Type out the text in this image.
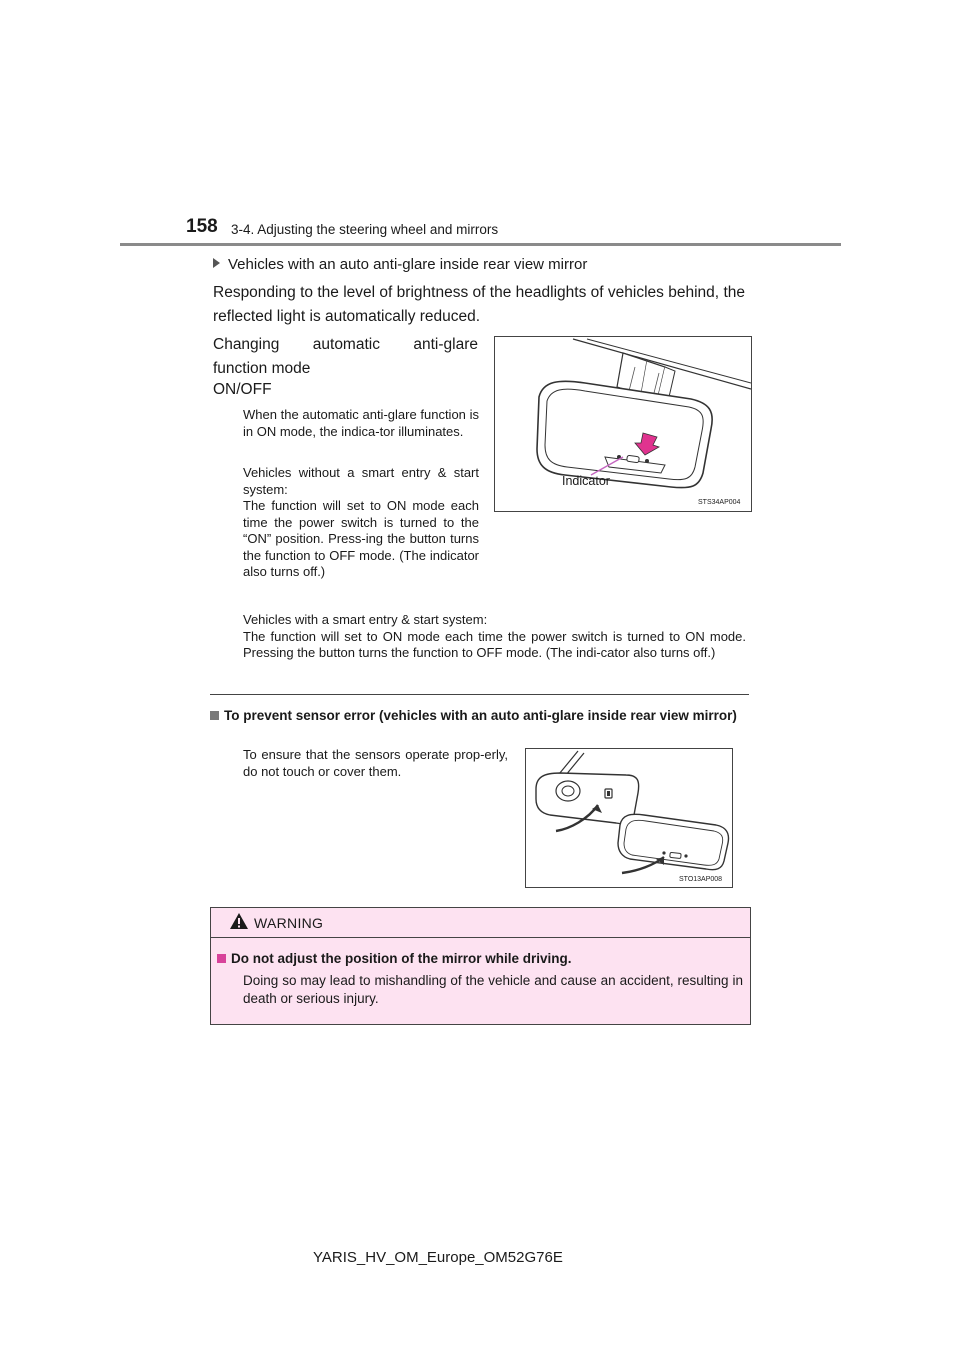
158 3-4. Adjusting the steering wheel and mirrors
Vehicles with an auto anti-glare inside rear view mirror
Responding to the level of brightness of the headlights of vehicles behind, the reflected light is automatically reduced.
Changing automatic anti-glare function mode
ON/OFF
When the automatic anti-glare function is in ON mode, the indica-tor illuminates.
Vehicles without a smart entry & start system:
The function will set to ON mode each time the power switch is turned to the “ON” position. Press-ing the button turns the function to OFF mode. (The indicator also turns off.)
Vehicles with a smart entry & start system:
The function will set to ON mode each time the power switch is turned to ON mode. Pressing the button turns the function to OFF mode. (The indi-cator also turns off.)
Indicator
STS34AP004
To prevent sensor error (vehicles with an auto anti-glare inside rear view mirror)
To ensure that the sensors operate prop-erly, do not touch or cover them.
STO13AP008
WARNING
Do not adjust the position of the mirror while driving.
Doing so may lead to mishandling of the vehicle and cause an accident, resulting in death or serious injury.
YARIS_HV_OM_Europe_OM52G76E
